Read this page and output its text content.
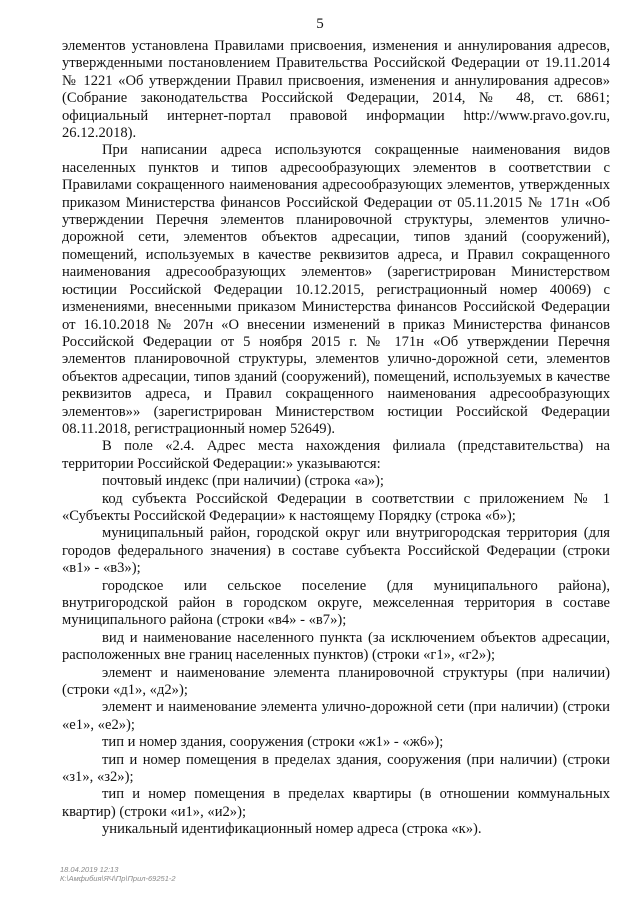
5

элементов установлена Правилами присвоения, изменения и аннулирования адресов, утвержденными постановлением Правительства Российской Федерации от 19.11.2014 № 1221 «Об утверждении Правил присвоения, изменения и аннулирования адресов» (Собрание законодательства Российской Федерации, 2014, № 48, ст. 6861; официальный интернет-портал правовой информации http://www.pravo.gov.ru, 26.12.2018).

При написании адреса используются сокращенные наименования видов населенных пунктов и типов адресообразующих элементов в соответствии с Правилами сокращенного наименования адресообразующих элементов, утвержденных приказом Министерства финансов Российской Федерации от 05.11.2015 № 171н «Об утверждении Перечня элементов планировочной структуры, элементов улично-дорожной сети, элементов объектов адресации, типов зданий (сооружений), помещений, используемых в качестве реквизитов адреса, и Правил сокращенного наименования адресообразующих элементов» (зарегистрирован Министерством юстиции Российской Федерации 10.12.2015, регистрационный номер 40069) с изменениями, внесенными приказом Министерства финансов Российской Федерации от 16.10.2018 № 207н «О внесении изменений в приказ Министерства финансов Российской Федерации от 5 ноября 2015 г. № 171н «Об утверждении Перечня элементов планировочной структуры, элементов улично-дорожной сети, элементов объектов адресации, типов зданий (сооружений), помещений, используемых в качестве реквизитов адреса, и Правил сокращенного наименования адресообразующих элементов»» (зарегистрирован Министерством юстиции Российской Федерации 08.11.2018, регистрационный номер 52649).

В поле «2.4. Адрес места нахождения филиала (представительства) на территории Российской Федерации:» указываются:

почтовый индекс (при наличии) (строка «а»);

код субъекта Российской Федерации в соответствии с приложением № 1 «Субъекты Российской Федерации» к настоящему Порядку (строка «б»);

муниципальный район, городской округ или внутригородская территория (для городов федерального значения) в составе субъекта Российской Федерации (строки «в1» - «в3»);

городское или сельское поселение (для муниципального района), внутригородской район в городском округе, межселенная территория в составе муниципального района (строки «в4» - «в7»);

вид и наименование населенного пункта (за исключением объектов адресации, расположенных вне границ населенных пунктов) (строки «г1», «г2»);

элемент и наименование элемента планировочной структуры (при наличии) (строки «д1», «д2»);

элемент и наименование элемента улично-дорожной сети (при наличии) (строки «е1», «е2»);

тип и номер здания, сооружения (строки «ж1» - «ж6»);

тип и номер помещения в пределах здания, сооружения (при наличии) (строки «з1», «з2»);

тип и номер помещения в пределах квартиры (в отношении коммунальных квартир) (строки «и1», «и2»);

уникальный идентификационный номер адреса (строка «к»).

18.04.2019 12:13
К:\Амфибия\ЯЧ\Пр\Прил-69251-2
